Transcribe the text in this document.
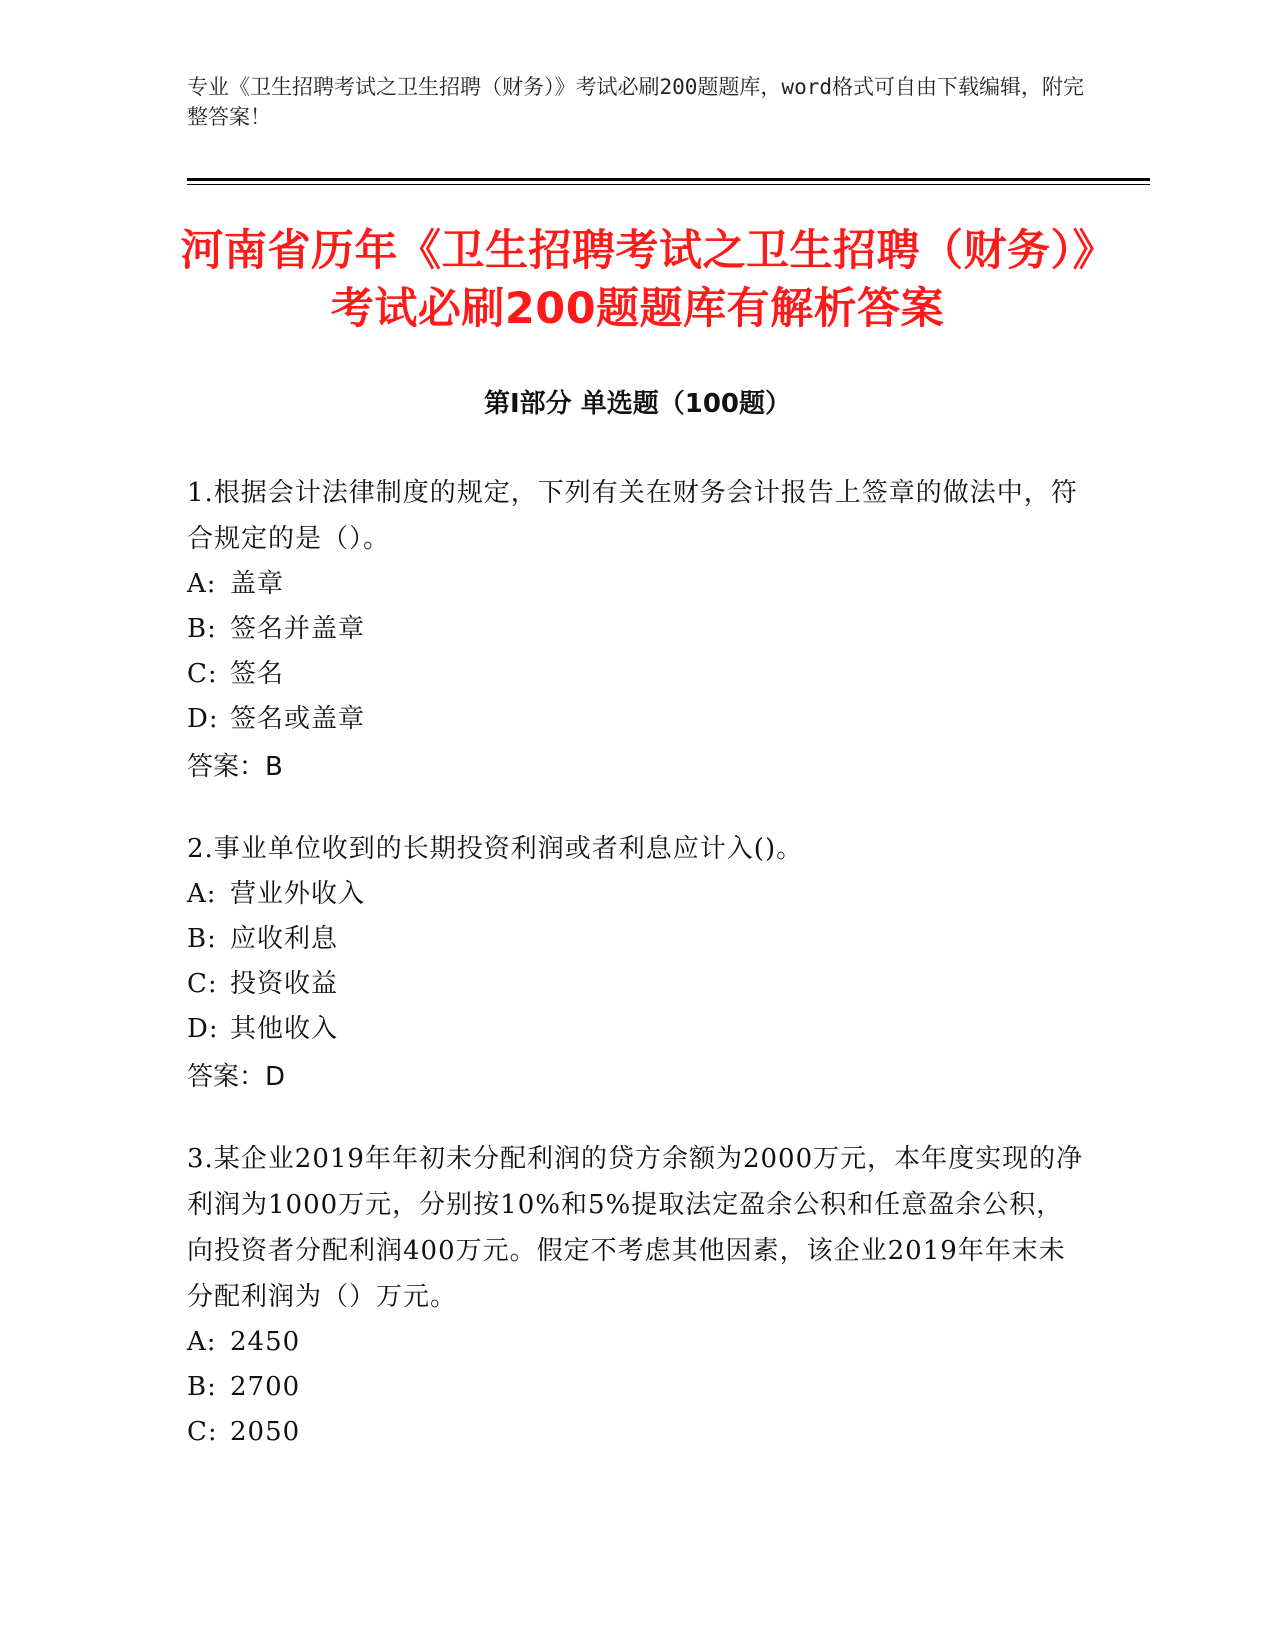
专业《卫生招聘考试之卫生招聘（财务）》考试必刷200题题库，word格式可自由下载编辑，附完整答案！
河南省历年《卫生招聘考试之卫生招聘（财务）》考试必刷200题题库有解析答案
第Ⅰ部分 单选题（100题）
1.根据会计法律制度的规定，下列有关在财务会计报告上签章的做法中，符合规定的是（）。
A: 盖章
B: 签名并盖章
C: 签名
D: 签名或盖章
答案：B
2.事业单位收到的长期投资利润或者利息应计入()。
A: 营业外收入
B: 应收利息
C: 投资收益
D: 其他收入
答案：D
3.某企业2019年年初未分配利润的贷方余额为2000万元，本年度实现的净利润为1000万元，分别按10%和5%提取法定盈余公积和任意盈余公积，向投资者分配利润400万元。假定不考虑其他因素，该企业2019年年末未分配利润为（）万元。
A: 2450
B: 2700
C: 2050
